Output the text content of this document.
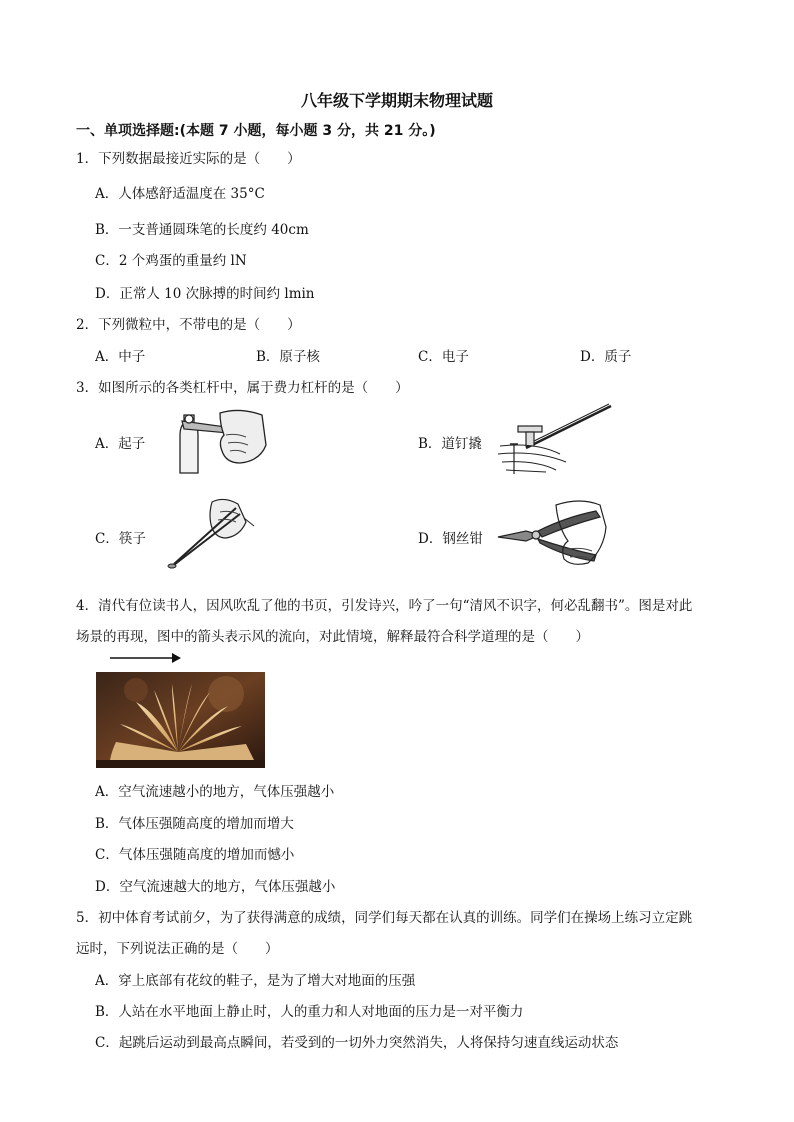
八年级下学期期末物理试题
一、单项选择题:(本题 7 小题，每小题 3 分，共 21 分。)
1．下列数据最接近实际的是（　　）
A．人体感舒适温度在 35°C
B．一支普通圆珠笔的长度约 40cm
C．2 个鸡蛋的重量约 lN
D．正常人 10 次脉搏的时间约 lmin
2．下列微粒中，不带电的是（　　）
A．中子	B．原子核	C．电子	D．质子
3．如图所示的各类杠杆中，属于费力杠杆的是（　　）
A．起子	B．道钉撬
C．筷子	D．钢丝钳
4．清代有位读书人，因风吹乱了他的书页，引发诗兴，吟了一句“清风不识字，何必乱翻书”。图是对此
场景的再现，图中的箭头表示风的流向，对此情境，解释最符合科学道理的是（　　）
A．空气流速越小的地方，气体压强越小
B．气体压强随高度的增加而增大
C．气体压强随高度的增加而憾小
D．空气流速越大的地方，气体压强越小
5．初中体育考试前夕，为了获得满意的成绩，同学们每天都在认真的训练。同学们在操场上练习立定跳
远时，下列说法正确的是（　　）
A．穿上底部有花纹的鞋子，是为了增大对地面的压强
B．人站在水平地面上静止时，人的重力和人对地面的压力是一对平衡力
C．起跳后运动到最高点瞬间，若受到的一切外力突然消失，人将保持匀速直线运动状态
